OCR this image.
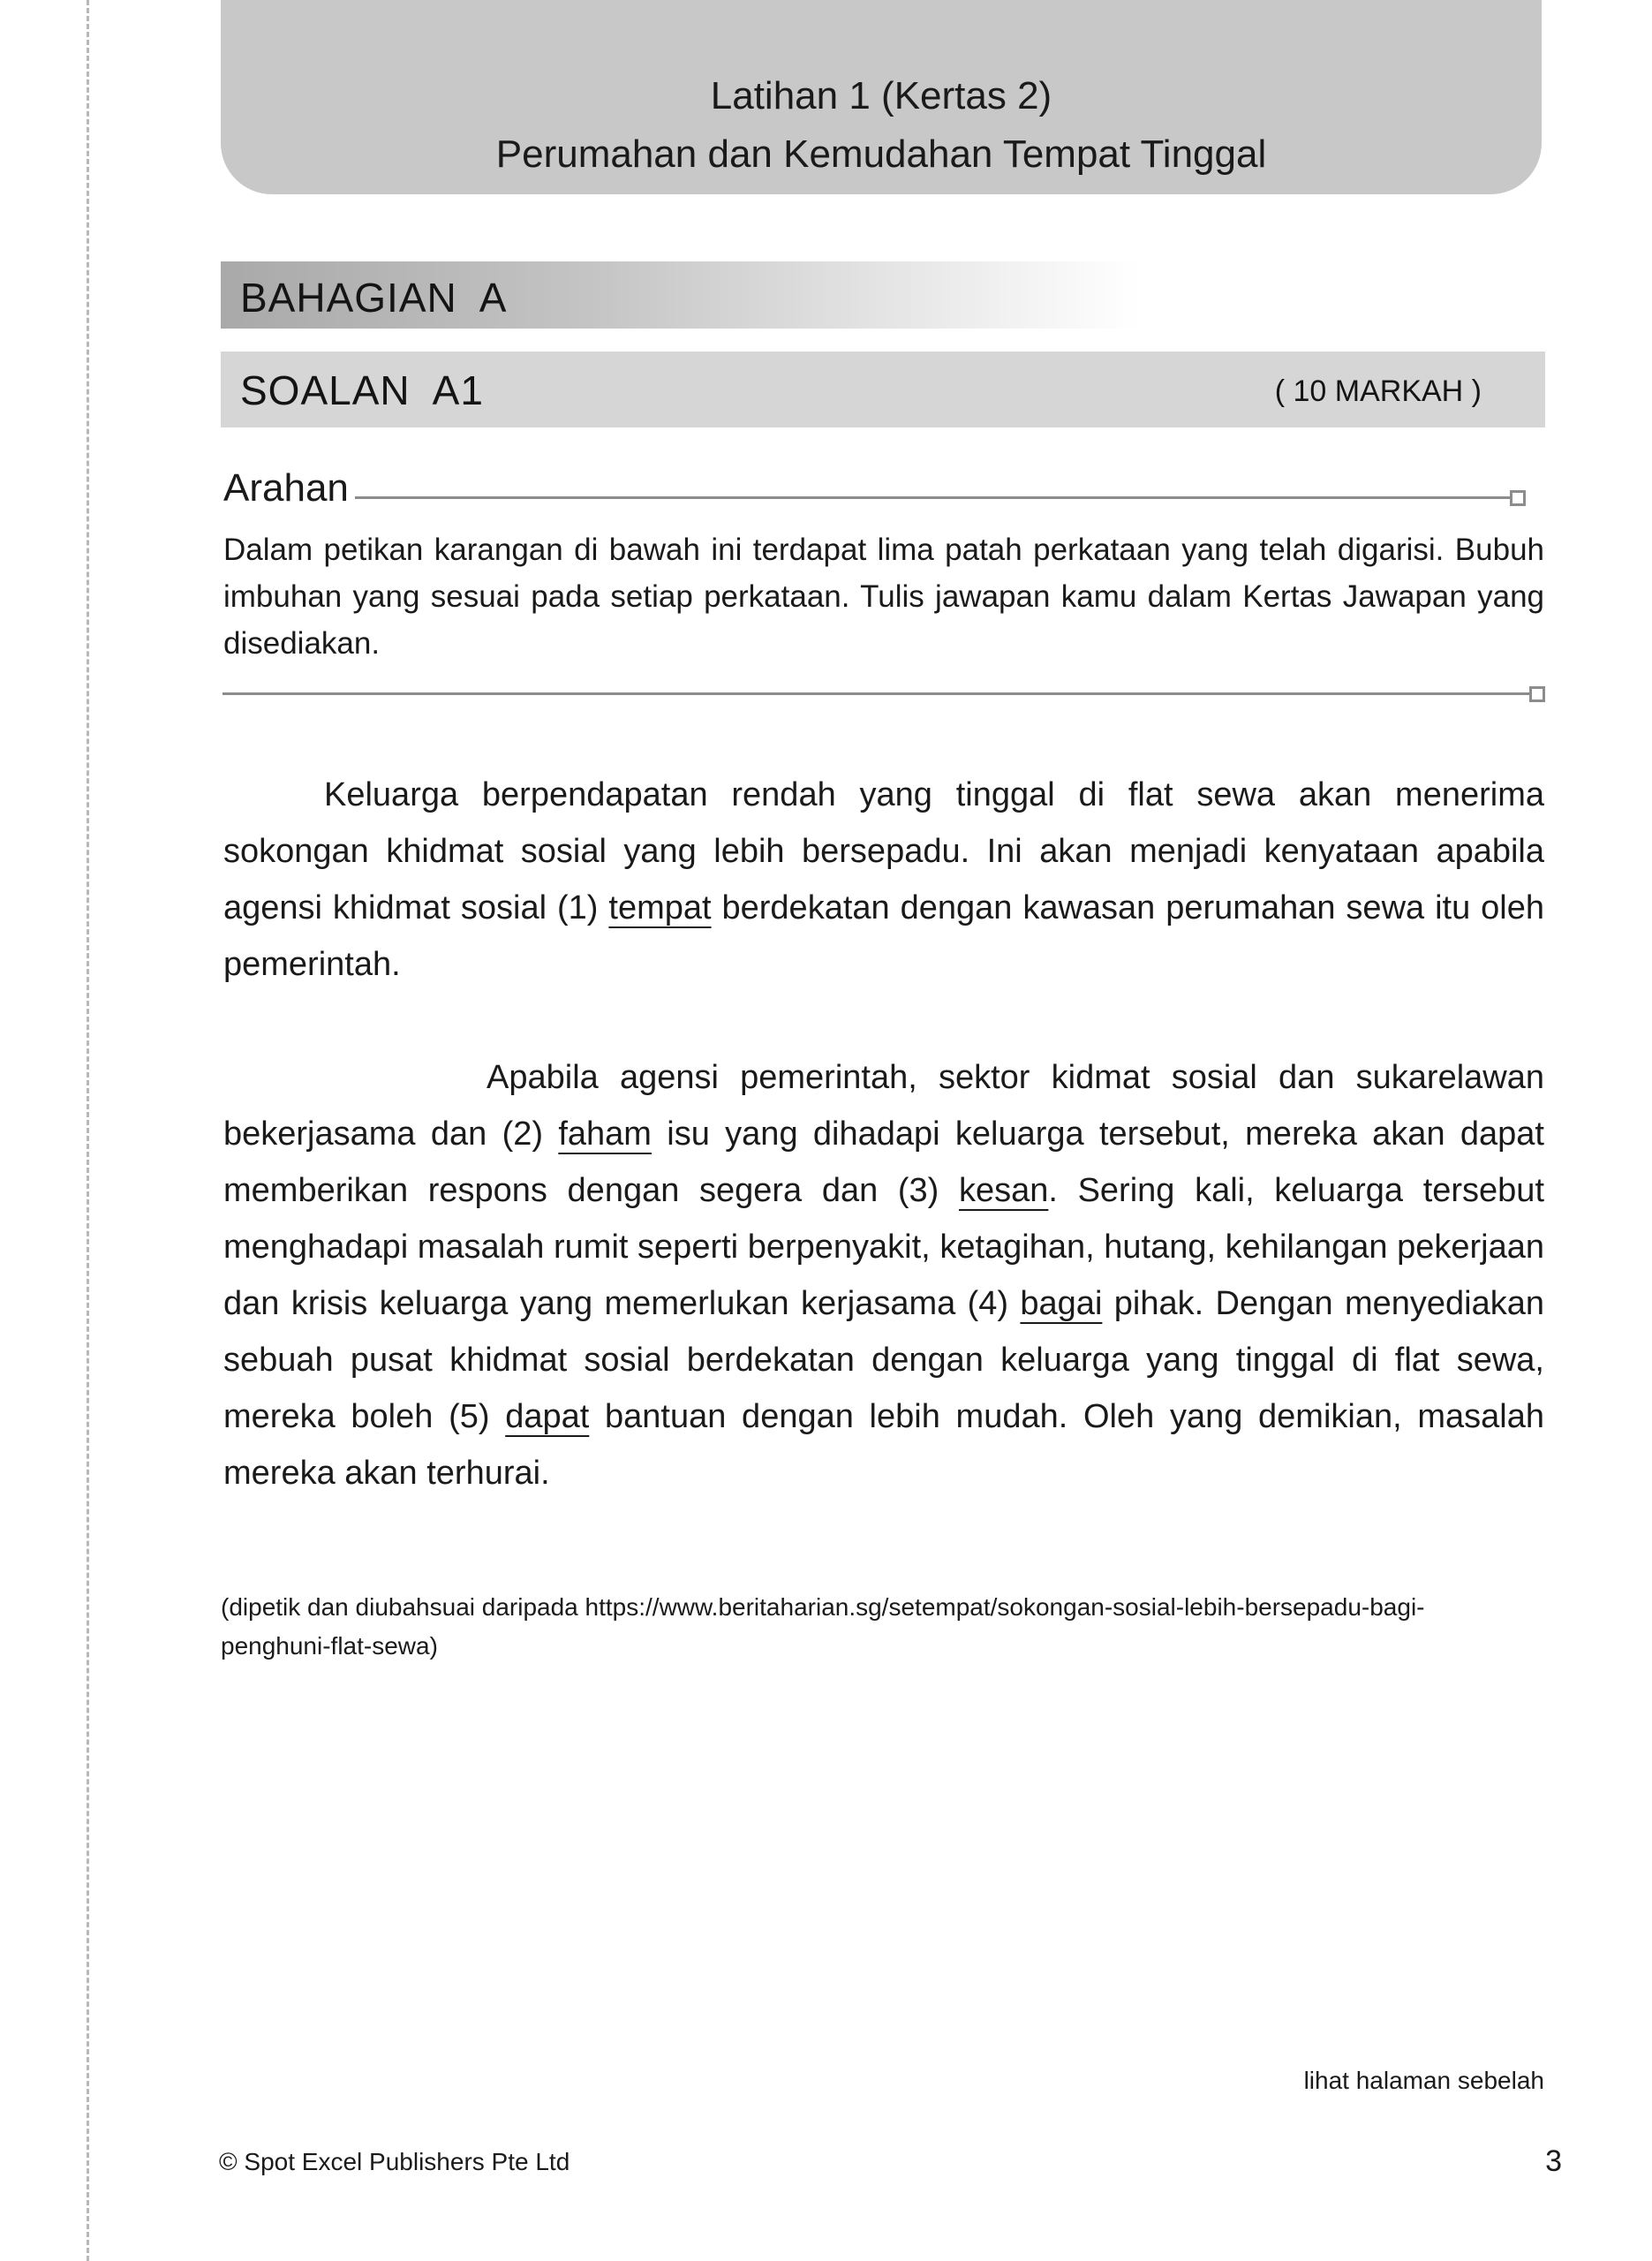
Latihan 1 (Kertas 2)
Perumahan dan Kemudahan Tempat Tinggal
BAHAGIAN  A
SOALAN  A1	( 10 MARKAH )
Arahan
Dalam petikan karangan di bawah ini terdapat lima patah perkataan yang telah digarisi. Bubuh imbuhan yang sesuai pada setiap perkataan. Tulis jawapan kamu dalam Kertas Jawapan yang disediakan.
Keluarga berpendapatan rendah yang tinggal di flat sewa akan menerima sokongan khidmat sosial yang lebih bersepadu. Ini akan menjadi kenyataan apabila agensi khidmat sosial (1) tempat berdekatan dengan kawasan perumahan sewa itu oleh pemerintah.
Apabila agensi pemerintah, sektor kidmat sosial dan sukarelawan bekerjasama dan (2) faham isu yang dihadapi keluarga tersebut, mereka akan dapat memberikan respons dengan segera dan (3) kesan. Sering kali, keluarga tersebut menghadapi masalah rumit seperti berpenyakit, ketagihan, hutang, kehilangan pekerjaan dan krisis keluarga yang memerlukan kerjasama (4) bagai pihak. Dengan menyediakan sebuah pusat khidmat sosial berdekatan dengan keluarga yang tinggal di flat sewa, mereka boleh (5) dapat bantuan dengan lebih mudah. Oleh yang demikian, masalah mereka akan terhurai.
(dipetik dan diubahsuai daripada https://www.beritaharian.sg/setempat/sokongan-sosial-lebih-bersepadu-bagi-
penghuni-flat-sewa)
lihat halaman sebelah
© Spot Excel Publishers Pte Ltd	3
